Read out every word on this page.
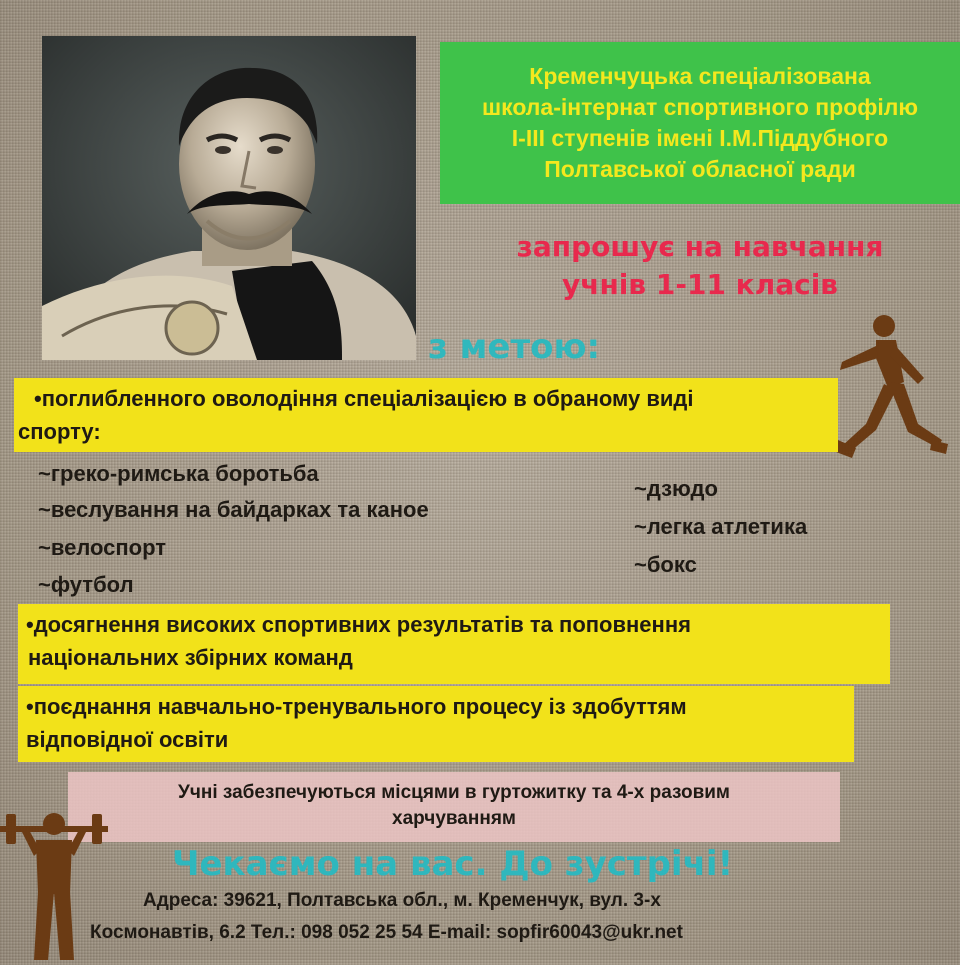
Кременчуцька спеціалізована
школа-інтернат спортивного профілю
І-ІІІ ступенів імені І.М.Піддубного
Полтавської обласної ради
запрошує на навчання
учнів 1-11 класів
з метою:
•поглибленного оволодіння спеціалізацією в обраному виді
спорту:
~греко-римська боротьба
~веслування на байдарках та каное
~велоспорт
~футбол
~дзюдо
~легка атлетика
~бокс
•досягнення високих спортивних результатів та поповнення
національних збірних команд
•поєднання навчально-тренувального процесу із здобуттям
відповідної освіти
Учні забезпечуються місцями в гуртожитку та 4-х разовим
харчуванням
Чекаємо на вас. До зустрічі!
Адреса: 39621, Полтавська обл., м. Кременчук, вул. 3-х
Космонавтів, 6.2 Тел.: 098 052 25 54 E-mail: sopfir60043@ukr.net
